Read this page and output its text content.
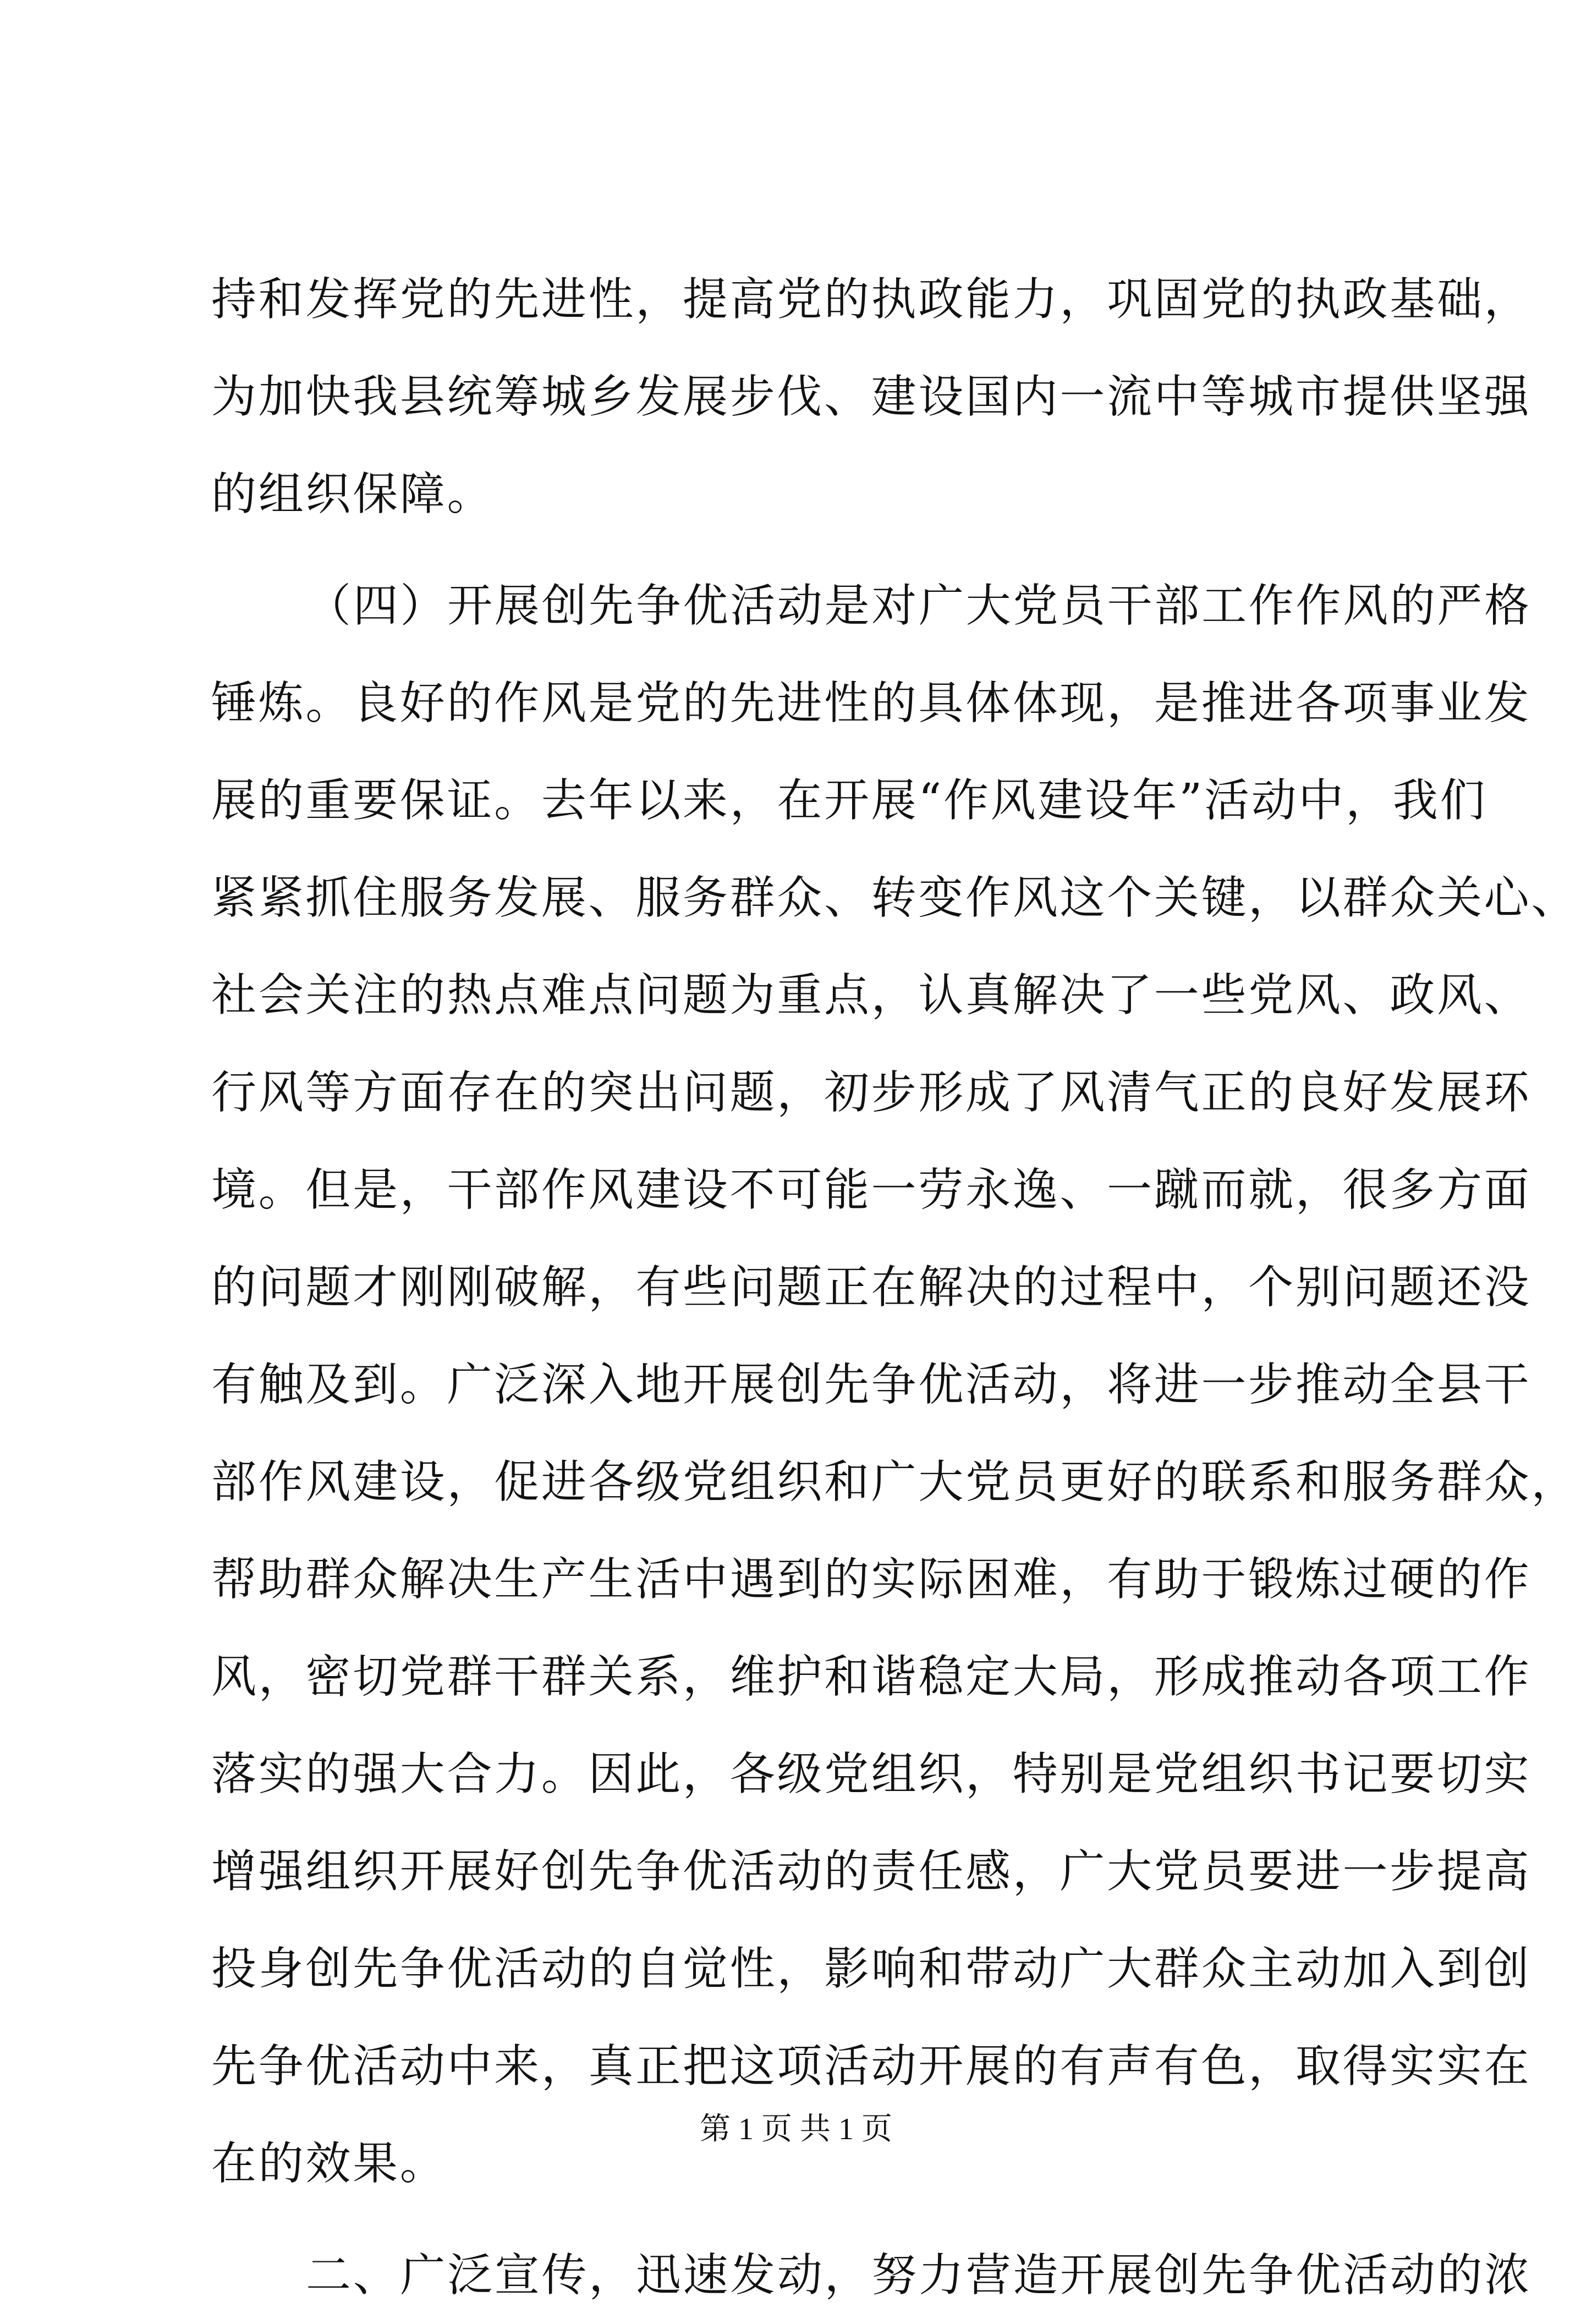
持和发挥党的先进性，提高党的执政能力，巩固党的执政基础，
为加快我县统筹城乡发展步伐、建设国内一流中等城市提供坚强
的组织保障。
（四）开展创先争优活动是对广大党员干部工作作风的严格
锤炼。良好的作风是党的先进性的具体体现，是推进各项事业发
展的重要保证。去年以来，在开展“作风建设年”活动中，我们
紧紧抓住服务发展、服务群众、转变作风这个关键，以群众关心、
社会关注的热点难点问题为重点，认真解决了一些党风、政风、
行风等方面存在的突出问题，初步形成了风清气正的良好发展环
境。但是，干部作风建设不可能一劳永逸、一蹴而就，很多方面
的问题才刚刚破解，有些问题正在解决的过程中，个别问题还没
有触及到。广泛深入地开展创先争优活动，将进一步推动全县干
部作风建设，促进各级党组织和广大党员更好的联系和服务群众，
帮助群众解决生产生活中遇到的实际困难，有助于锻炼过硬的作
风，密切党群干群关系，维护和谐稳定大局，形成推动各项工作
落实的强大合力。因此，各级党组织，特别是党组织书记要切实
增强组织开展好创先争优活动的责任感，广大党员要进一步提高
投身创先争优活动的自觉性，影响和带动广大群众主动加入到创
先争优活动中来，真正把这项活动开展的有声有色，取得实实在
在的效果。
二、广泛宣传，迅速发动，努力营造开展创先争优活动的浓
第 1 页 共 1 页
